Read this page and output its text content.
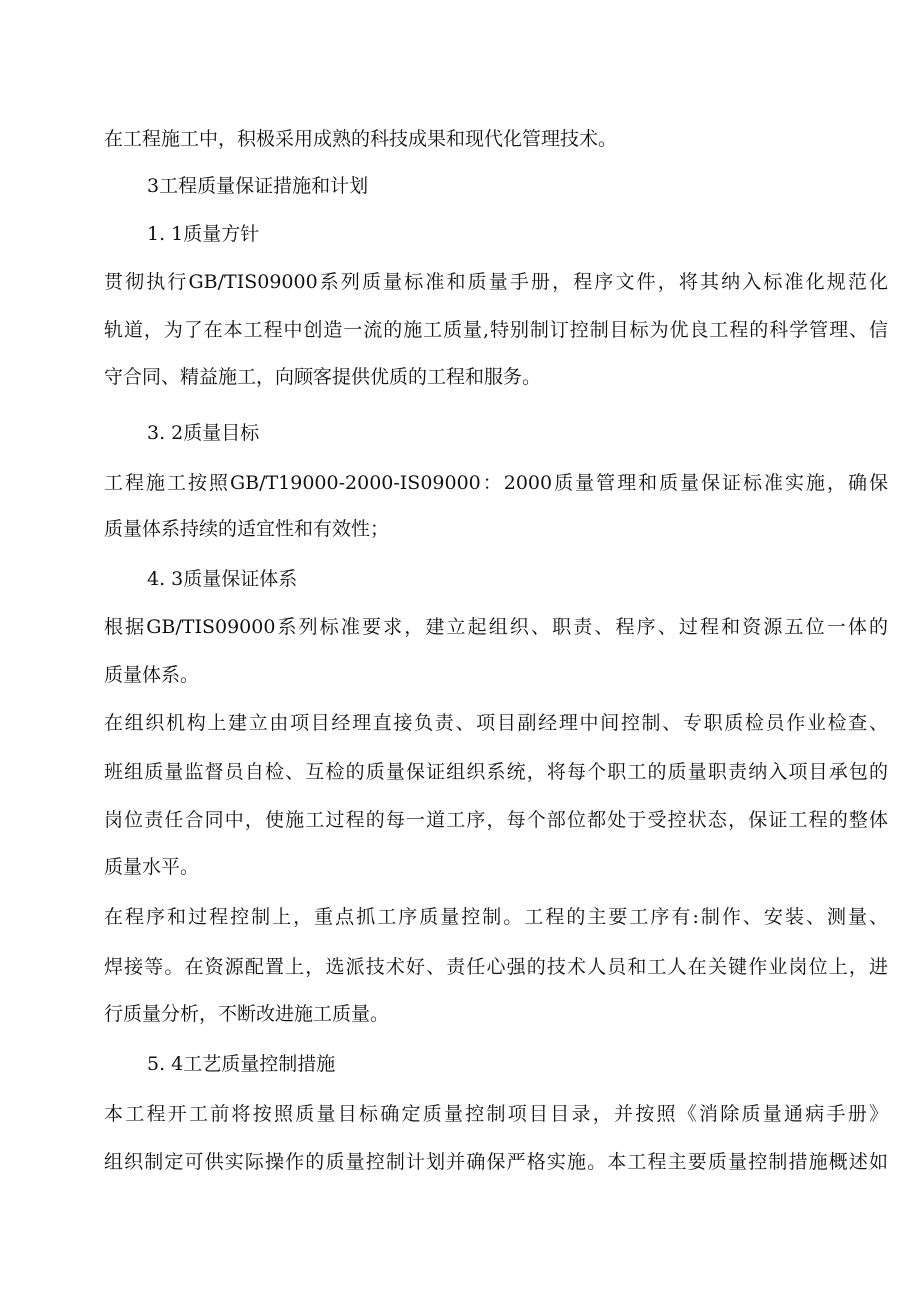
在工程施工中，积极采用成熟的科技成果和现代化管理技术。
3工程质量保证措施和计划
1. 1质量方针
贯彻执行GB/TIS09000系列质量标准和质量手册，程序文件，将其纳入标准化规范化
轨道，为了在本工程中创造一流的施工质量,特别制订控制目标为优良工程的科学管理、信
守合同、精益施工，向顾客提供优质的工程和服务。
3. 2质量目标
工程施工按照GB/T19000-2000-IS09000：2000质量管理和质量保证标准实施，确保
质量体系持续的适宜性和有效性；
4. 3质量保证体系
根据GB/TIS09000系列标准要求，建立起组织、职责、程序、过程和资源五位一体的
质量体系。
在组织机构上建立由项目经理直接负责、项目副经理中间控制、专职质检员作业检查、
班组质量监督员自检、互检的质量保证组织系统，将每个职工的质量职责纳入项目承包的
岗位责任合同中，使施工过程的每一道工序，每个部位都处于受控状态，保证工程的整体
质量水平。
在程序和过程控制上，重点抓工序质量控制。工程的主要工序有:制作、安装、测量、
焊接等。在资源配置上，选派技术好、责任心强的技术人员和工人在关键作业岗位上，进
行质量分析，不断改进施工质量。
5. 4工艺质量控制措施
本工程开工前将按照质量目标确定质量控制项目目录，并按照《消除质量通病手册》
组织制定可供实际操作的质量控制计划并确保严格实施。本工程主要质量控制措施概述如
